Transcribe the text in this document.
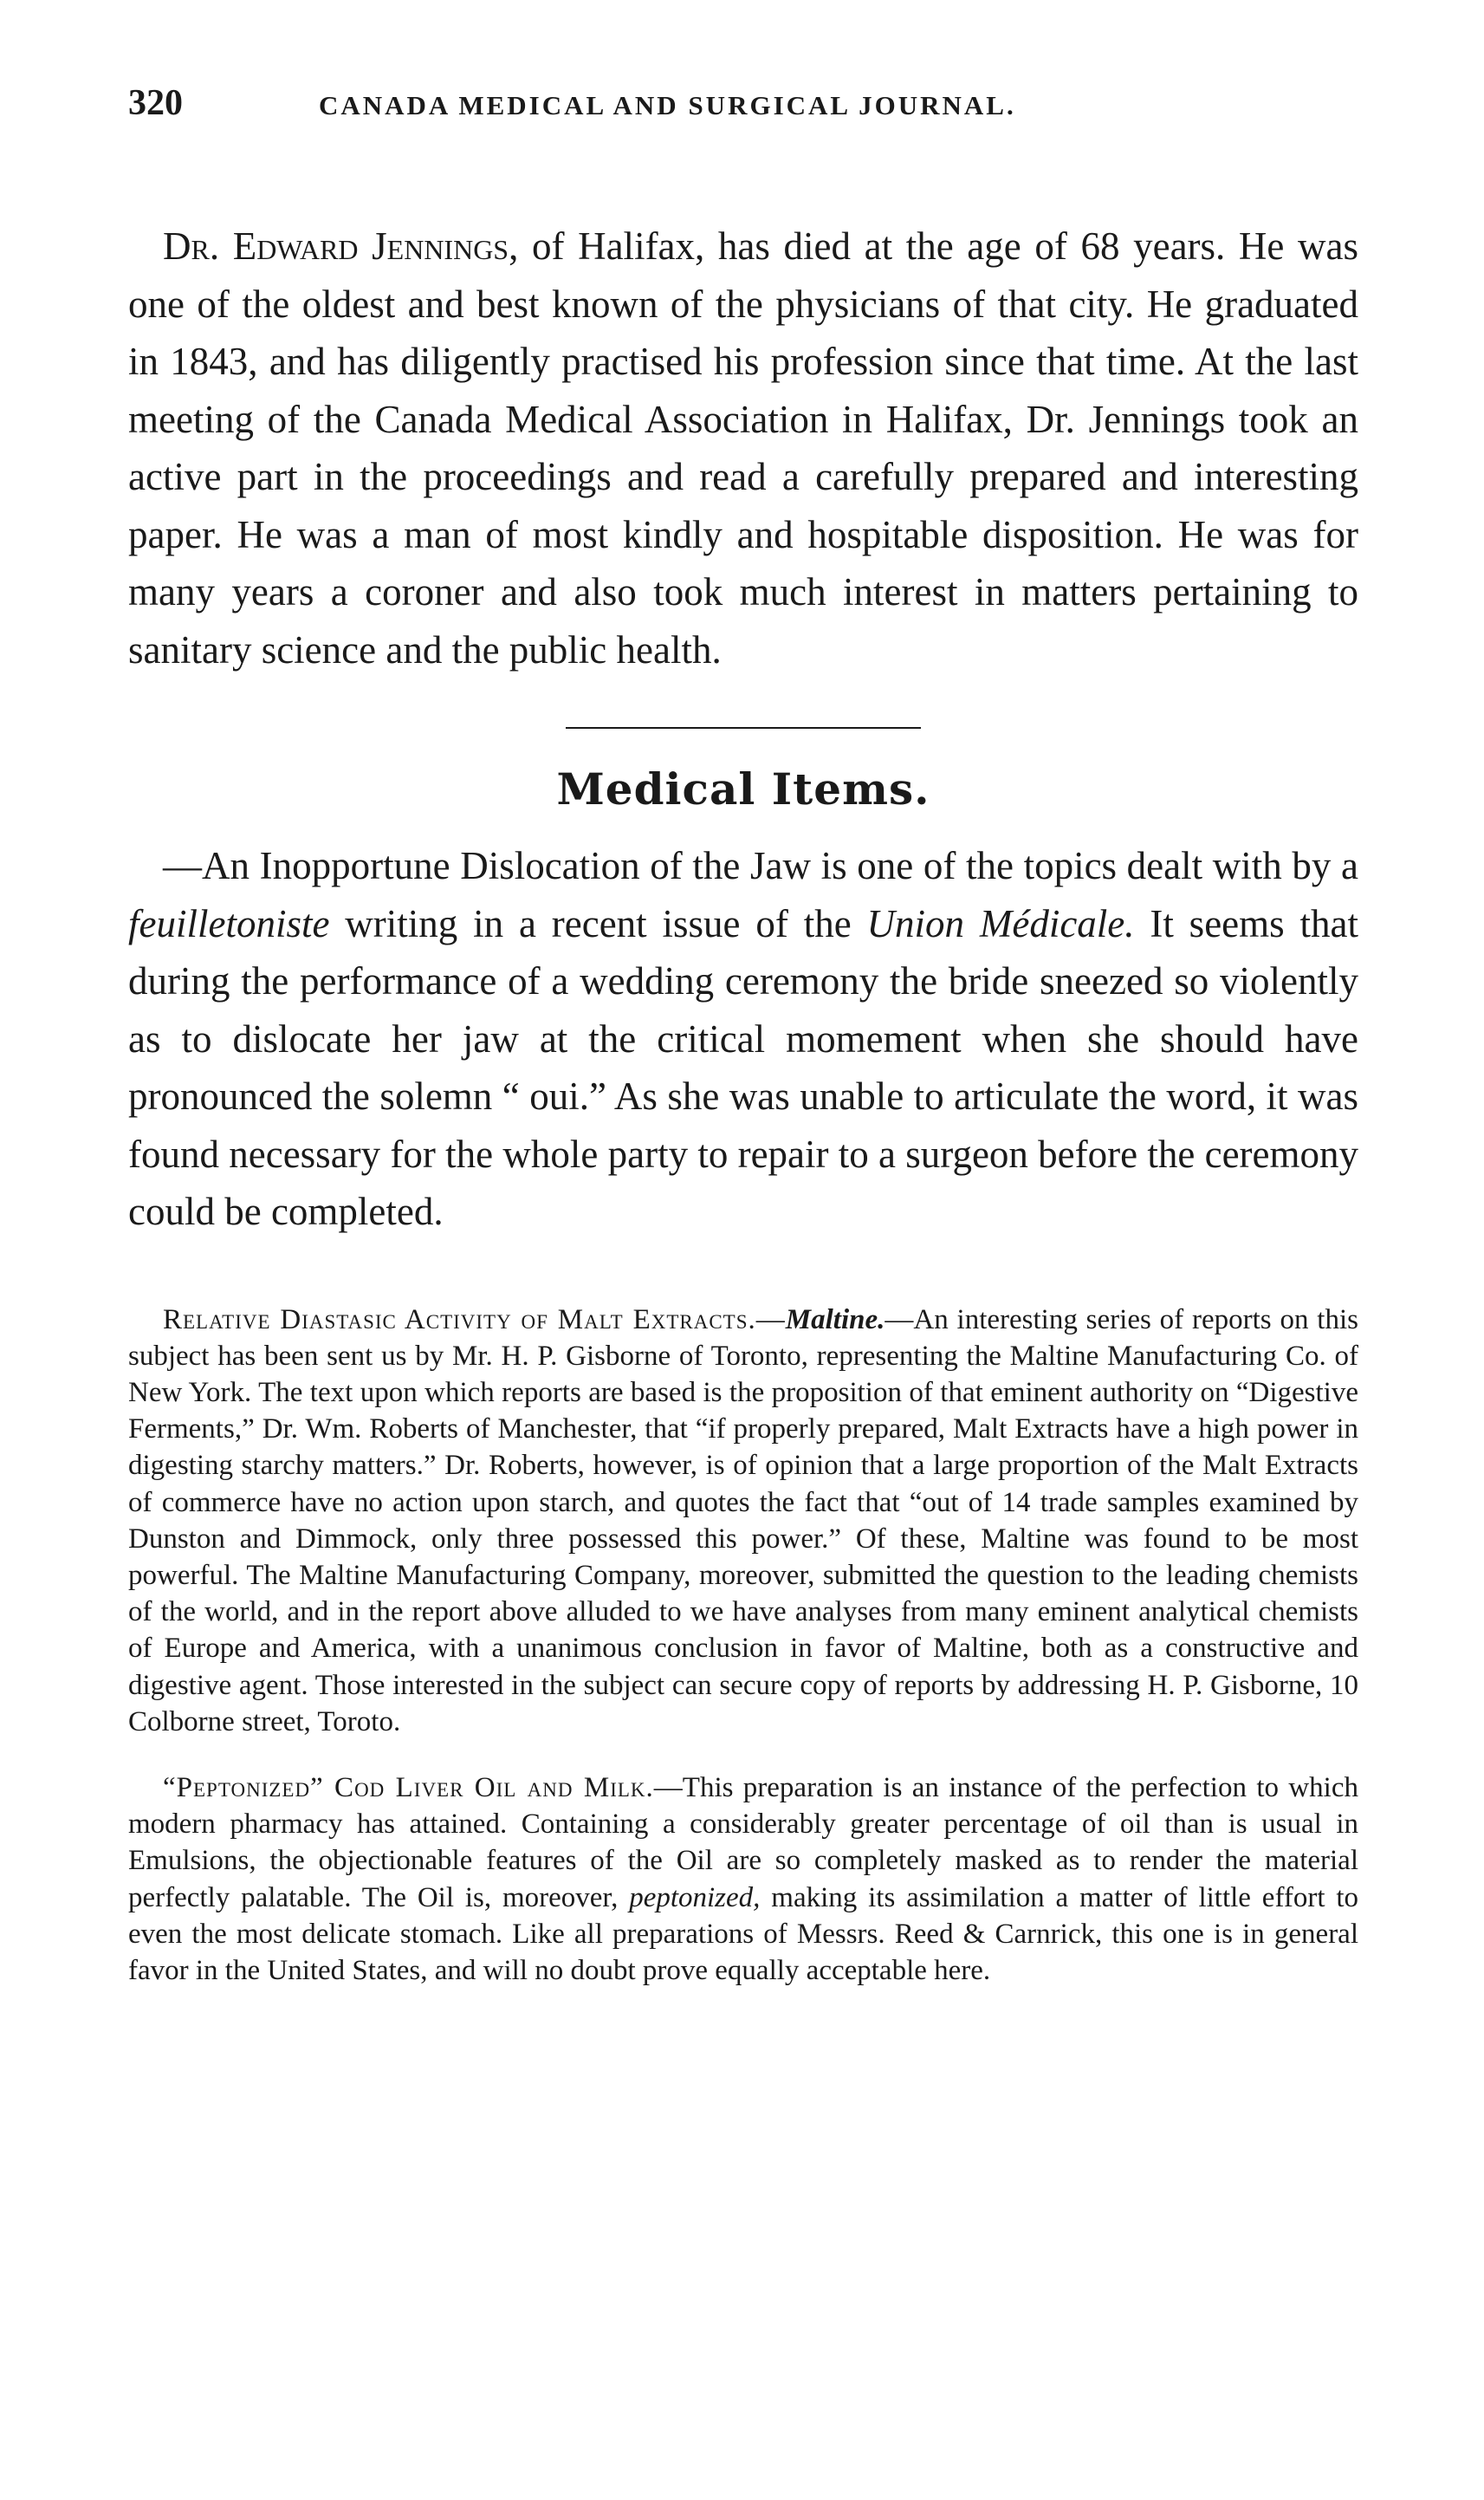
320	CANADA MEDICAL AND SURGICAL JOURNAL.

Dr. Edward Jennings, of Halifax, has died at the age of 68 years. He was one of the oldest and best known of the physicians of that city. He graduated in 1843, and has diligently practised his profession since that time. At the last meeting of the Canada Medical Association in Halifax, Dr. Jennings took an active part in the proceedings and read a carefully prepared and interesting paper. He was a man of most kindly and hospitable disposition. He was for many years a coroner and also took much interest in matters pertaining to sanitary science and the public health.

Medical Items.

—An Inopportune Dislocation of the Jaw is one of the topics dealt with by a feuilletoniste writing in a recent issue of the Union Médicale. It seems that during the performance of a wedding ceremony the bride sneezed so violently as to dislocate her jaw at the critical momement when she should have pronounced the solemn “ oui.” As she was unable to articulate the word, it was found necessary for the whole party to repair to a surgeon before the ceremony could be completed.

Relative Diastasic Activity of Malt Extracts.—Maltine.—An interesting series of reports on this subject has been sent us by Mr. H. P. Gisborne of Toronto, representing the Maltine Manufacturing Co. of New York. The text upon which reports are based is the proposition of that eminent authority on “Digestive Ferments,” Dr. Wm. Roberts of Manchester, that “if properly prepared, Malt Extracts have a high power in digesting starchy matters.” Dr. Roberts, however, is of opinion that a large proportion of the Malt Extracts of commerce have no action upon starch, and quotes the fact that “out of 14 trade samples examined by Dunston and Dimmock, only three possessed this power.” Of these, Maltine was found to be most powerful. The Maltine Manufacturing Company, moreover, submitted the question to the leading chemists of the world, and in the report above alluded to we have analyses from many eminent analytical chemists of Europe and America, with a unanimous conclusion in favor of Maltine, both as a constructive and digestive agent. Those interested in the subject can secure copy of reports by addressing H. P. Gisborne, 10 Colborne street, Toroto.

“Peptonized” Cod Liver Oil and Milk.—This preparation is an instance of the perfection to which modern pharmacy has attained. Containing a considerably greater percentage of oil than is usual in Emulsions, the objectionable features of the Oil are so completely masked as to render the material perfectly palatable. The Oil is, moreover, peptonized, making its assimilation a matter of little effort to even the most delicate stomach. Like all preparations of Messrs. Reed & Carnrick, this one is in general favor in the United States, and will no doubt prove equally acceptable here.
